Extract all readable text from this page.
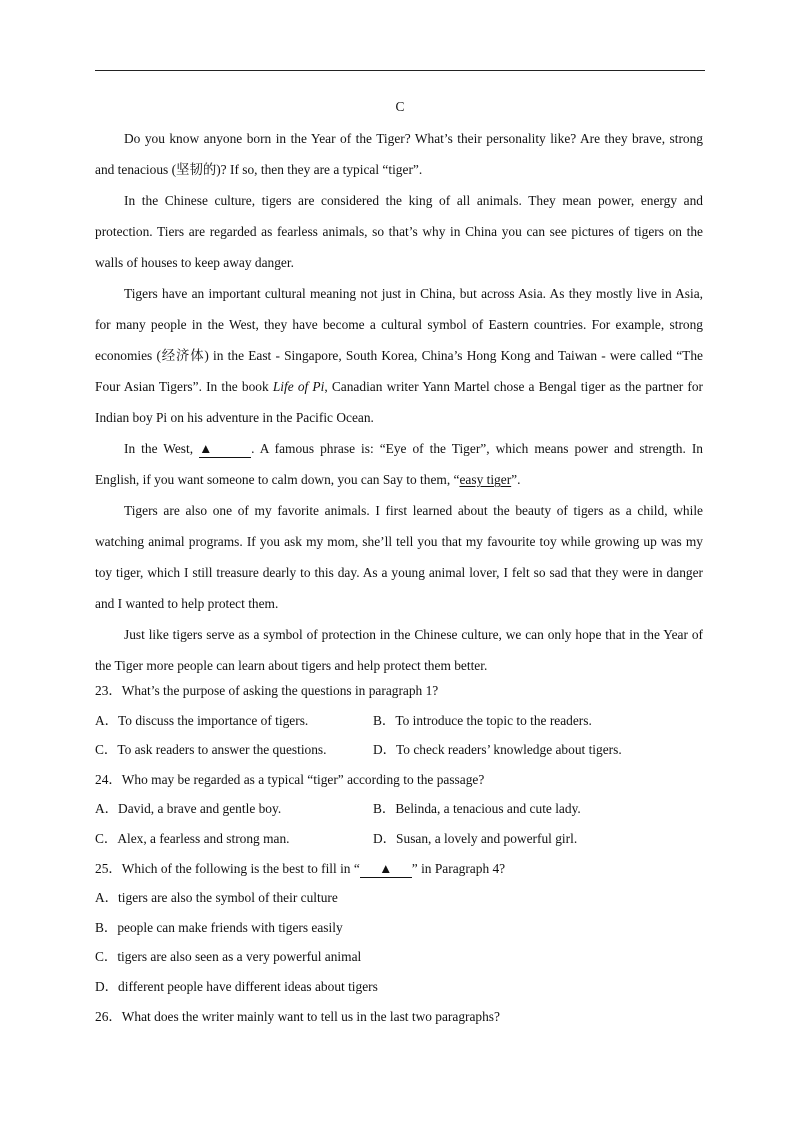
C

Do you know anyone born in the Year of the Tiger? What’s their personality like? Are they brave, strong and tenacious (坚韧的)? If so, then they are a typical “tiger”.

In the Chinese culture, tigers are considered the king of all animals. They mean power, energy and protection. Tiers are regarded as fearless animals, so that’s why in China you can see pictures of tigers on the walls of houses to keep away danger.

Tigers have an important cultural meaning not just in China, but across Asia. As they mostly live in Asia, for many people in the West, they have become a cultural symbol of Eastern countries. For example, strong economies (经济体) in the East - Singapore, South Korea, China’s Hong Kong and Taiwan - were called “The Four Asian Tigers”. In the book Life of Pi, Canadian writer Yann Martel chose a Bengal tiger as the partner for Indian boy Pi on his adventure in the Pacific Ocean.

In the West, ▲	. A famous phrase is: “Eye of the Tiger”, which means power and strength. In English, if you want someone to calm down, you can Say to them, “easy tiger”.

Tigers are also one of my favorite animals. I first learned about the beauty of tigers as a child, while watching animal programs. If you ask my mom, she’ll tell you that my favourite toy while growing up was my toy tiger, which I still treasure dearly to this day. As a young animal lover, I felt so sad that they were in danger and I wanted to help protect them.

Just like tigers serve as a symbol of protection in the Chinese culture, we can only hope that in the Year of the Tiger more people can learn about tigers and help protect them better.

23．What’s the purpose of asking the questions in paragraph 1?
A．To discuss the importance of tigers.	B．To introduce the topic to the readers.
C．To ask readers to answer the questions.	D．To check readers’ knowledge about tigers.
24．Who may be regarded as a typical “tiger” according to the passage?
A．David, a brave and gentle boy.	B．Belinda, a tenacious and cute lady.
C．Alex, a fearless and strong man.	D．Susan, a lovely and powerful girl.
25．Which of the following is the best to fill in “ ▲ ” in Paragraph 4?
A．tigers are also the symbol of their culture
B．people can make friends with tigers easily
C．tigers are also seen as a very powerful animal
D．different people have different ideas about tigers
26．What does the writer mainly want to tell us in the last two paragraphs?
